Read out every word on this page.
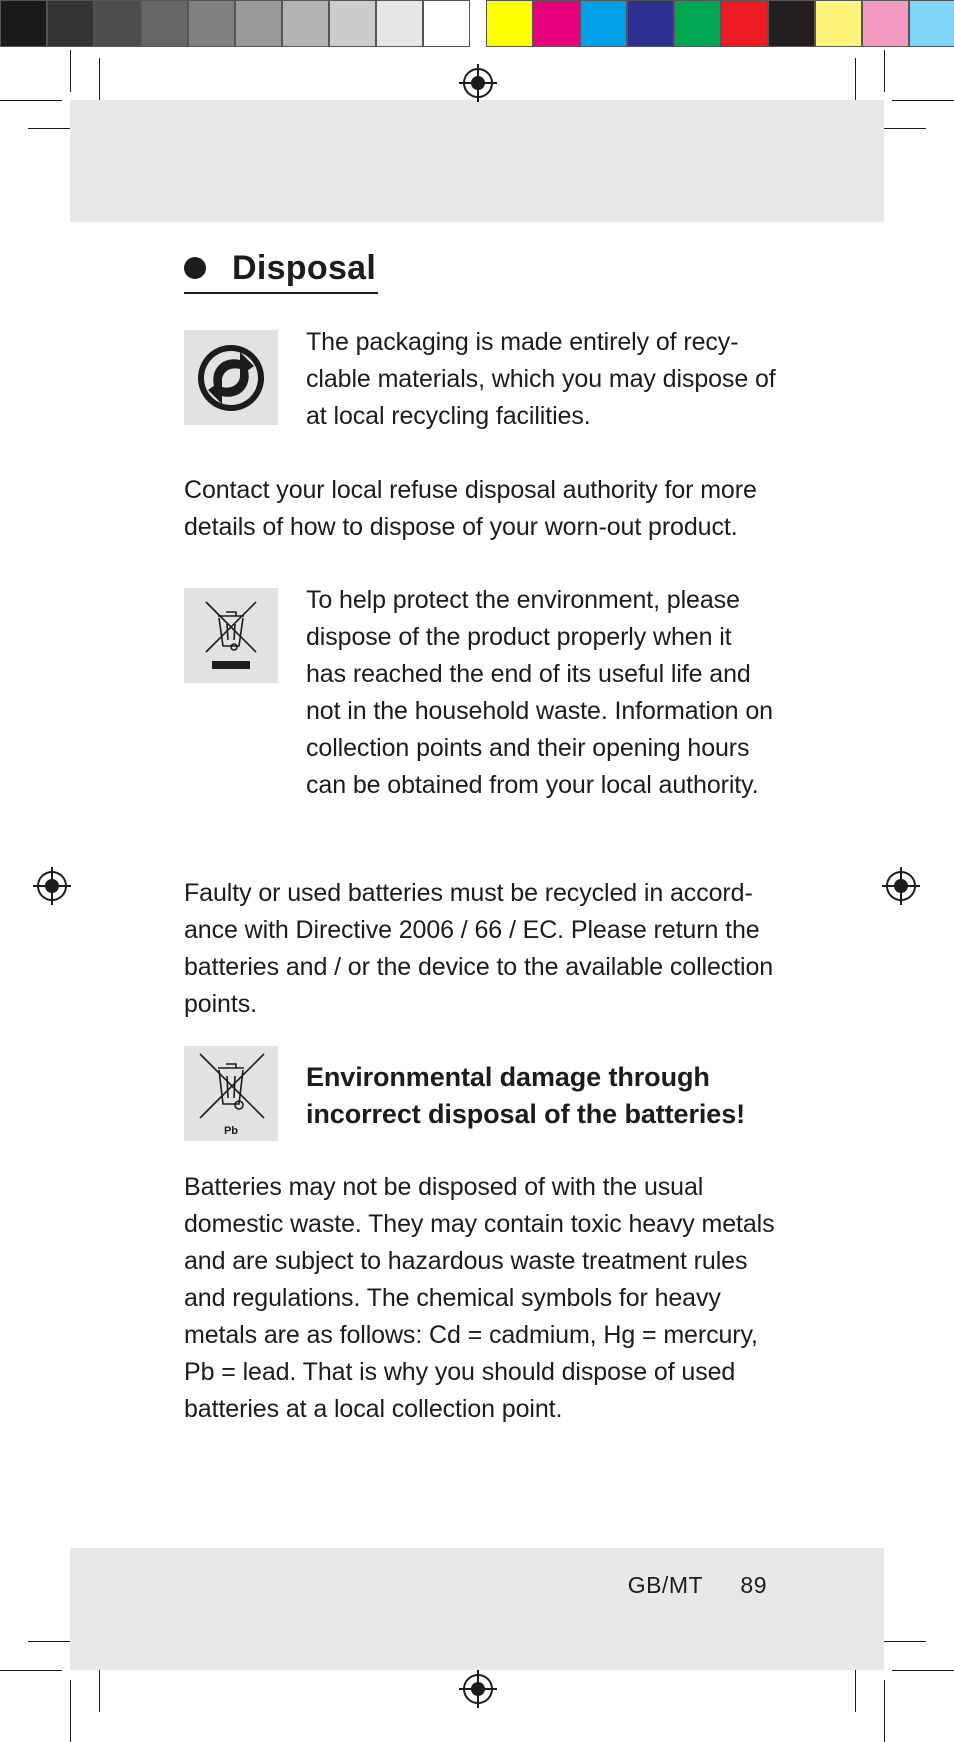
Disposal
The packaging is made entirely of recy-clable materials, which you may dispose of at local recycling facilities.
Contact your local refuse disposal authority for more details of how to dispose of your worn-out product.
To help protect the environment, please dispose of the product properly when it has reached the end of its useful life and not in the household waste. Information on collection points and their opening hours can be obtained from your local authority.
Faulty or used batteries must be recycled in accord-ance with Directive 2006 / 66 / EC. Please return the batteries and / or the device to the available collection points.
Pb
Environmental damage through incorrect disposal of the batteries!
Batteries may not be disposed of with the usual domestic waste. They may contain toxic heavy metals and are subject to hazardous waste treatment rules and regulations. The chemical symbols for heavy metals are as follows: Cd = cadmium, Hg = mercury, Pb = lead. That is why you should dispose of used batteries at a local collection point.
GB/MT 89
